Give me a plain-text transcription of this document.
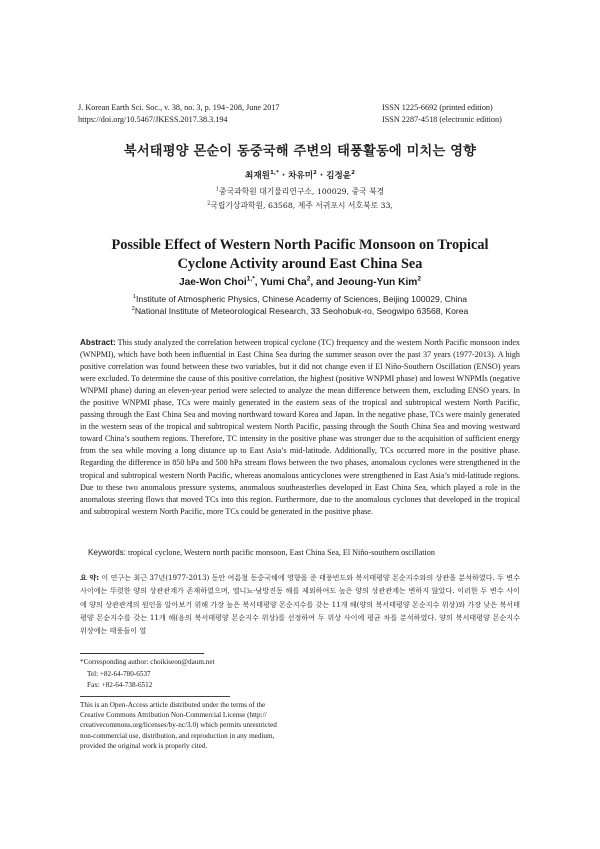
J. Korean Earth Sci. Soc., v. 38, no. 3, p. 194−208, June 2017
https://doi.org/10.5467/JKESS.2017.38.3.194
ISSN 1225-6692 (printed edition)
ISSN 2287-4518 (electronic edition)
북서태평양 몬순이 동중국해 주변의 태풍활동에 미치는 영향
최재원$^{1,*}$ · 차유미$^2$ · 김정윤$^2$
$^1$중국과학원 대기물리연구소, 100029, 중국 북경
$^2$국립기상과학원, 63568, 제주 서귀포시 서호북로 33,
Possible Effect of Western North Pacific Monsoon on Tropical
Cyclone Activity around East China Sea
Jae-Won Choi$^{1,*}$, Yumi Cha$^2$, and Jeoung-Yun Kim$^2$
$^1$Institute of Atmospheric Physics, Chinese Academy of Sciences, Beijing 100029, China
$^2$National Institute of Meteorological Research, 33 Seohobuk-ro, Seogwipo 63568, Korea
Abstract: This study analyzed the correlation between tropical cyclone (TC) frequency and the western North Pacific monsoon index (WNPMI), which have both been influential in East China Sea during the summer season over the past 37 years (1977-2013). A high positive correlation was found between these two variables, but it did not change even if El Niño-Southern Oscillation (ENSO) years were excluded. To determine the cause of this positive correlation, the highest (positive WNPMI phase) and lowest WNPMIs (negative WNPMI phase) during an eleven-year period were selected to analyze the mean difference between them, excluding ENSO years. In the positive WNPMI phase, TCs were mainly generated in the eastern seas of the tropical and subtropical western North Pacific, passing through the East China Sea and moving northward toward Korea and Japan. In the negative phase, TCs were mainly generated in the western seas of the tropical and subtropical western North Pacific, passing through the South China Sea and moving westward toward China’s southern regions. Therefore, TC intensity in the positive phase was stronger due to the acquisition of sufficient energy from the sea while moving a long distance up to East Asia’s mid-latitude. Additionally, TCs occurred more in the positive phase. Regarding the difference in 850 hPa and 500 hPa stream flows between the two phases, anomalous cyclones were strengthened in the tropical and subtropical western North Pacific, whereas anomalous anticyclones were strengthened in East Asia’s mid-latitude regions. Due to these two anomalous pressure systems, anomalous southeasterlies developed in East China Sea, which played a role in the anomalous steering flows that moved TCs into this region. Furthermore, due to the anomalous cyclones that developed in the tropical and subtropical western North Pacific, more TCs could be generated in the positive phase.
Keywords: tropical cyclone, Western north pacific monsoon, East China Sea, El Niño-southern oscillation
요 약: 이 연구는 최근 37년(1977-2013) 동안 여름철 동중국해에 영향을 준 태풍빈도와 북서태평양 몬순지수와의 상관을 분석하였다. 두 변수 사이에는 뚜렷한 양의 상관관계가 존재하였으며, 엘니뇨-남방진동 해를 제외하여도 높은 양의 상관관계는 변하지 않았다. 이러한 두 변수 사이에 양의 상관관계의 원인을 알아보기 위해 가장 높은 북서태평양 몬순지수를 갖는 11개 해(양의 북서태평양 몬순지수 위상)와 가장 낮은 북서태평양 몬순지수를 갖는 11개 해(음의 북서태평양 몬순지수 위상)를 선정하여 두 위상 사이에 평균 차를 분석하였다. 양의 북서태평양 몬순지수 위상에는 태풍들이 열
*Corresponding author: choikiseon@daum.net
Tel: +82-64-780-6537
Fax: +82-64-738-6512
This is an Open-Access article distributed under the terms of the
Creative Commons Attribution Non-Commercial License (http://
creativecommons.org/licenses/by-nc/3.0) which permits unrestricted
non-commercial use, distribution, and reproduction in any medium,
provided the original work is properly cited.
